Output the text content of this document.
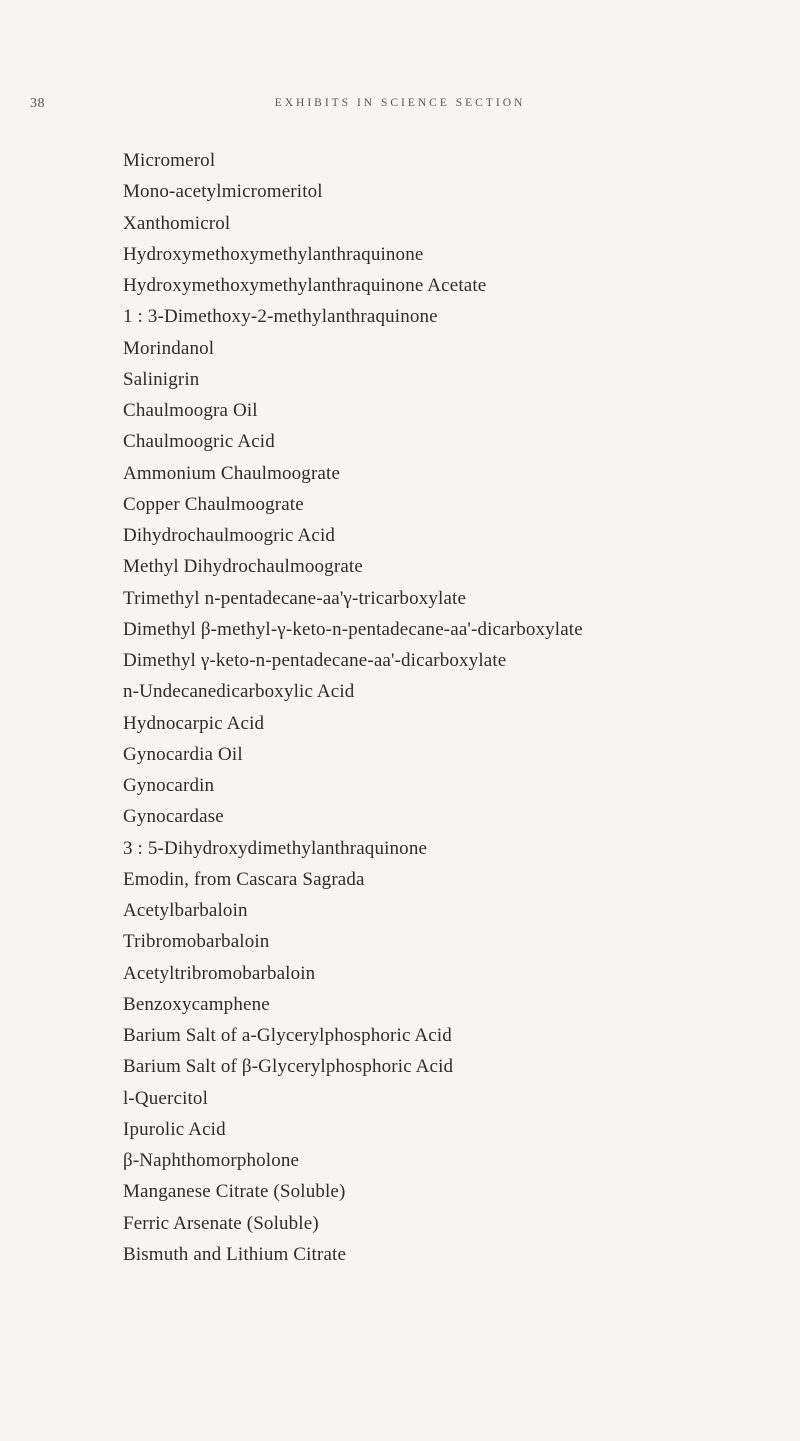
38	EXHIBITS IN SCIENCE SECTION
Micromerol
Mono-acetylmicromeritol
Xanthomicrol
Hydroxymethoxymethylanthraquinone
Hydroxymethoxymethylanthraquinone Acetate
1 : 3-Dimethoxy-2-methylanthraquinone
Morindanol
Salinigrin
Chaulmoogra Oil
Chaulmoogric Acid
Ammonium Chaulmoograte
Copper Chaulmoograte
Dihydrochaulmoogric Acid
Methyl Dihydrochaulmoograte
Trimethyl n-pentadecane-aa'γ-tricarboxylate
Dimethyl β-methyl-γ-keto-n-pentadecane-aa'-dicarboxylate
Dimethyl γ-keto-n-pentadecane-aa'-dicarboxylate
n-Undecanedicarboxylic Acid
Hydnocarpic Acid
Gynocardia Oil
Gynocardin
Gynocardase
3 : 5-Dihydroxydimethylanthraquinone
Emodin, from Cascara Sagrada
Acetylbarbaloin
Tribromobarbaloin
Acetyltribromobarbaloin
Benzoxycamphene
Barium Salt of a-Glycerylphosphoric Acid
Barium Salt of β-Glycerylphosphoric Acid
l-Quercitol
Ipurolic Acid
β-Naphthomorpholone
Manganese Citrate (Soluble)
Ferric Arsenate (Soluble)
Bismuth and Lithium Citrate
